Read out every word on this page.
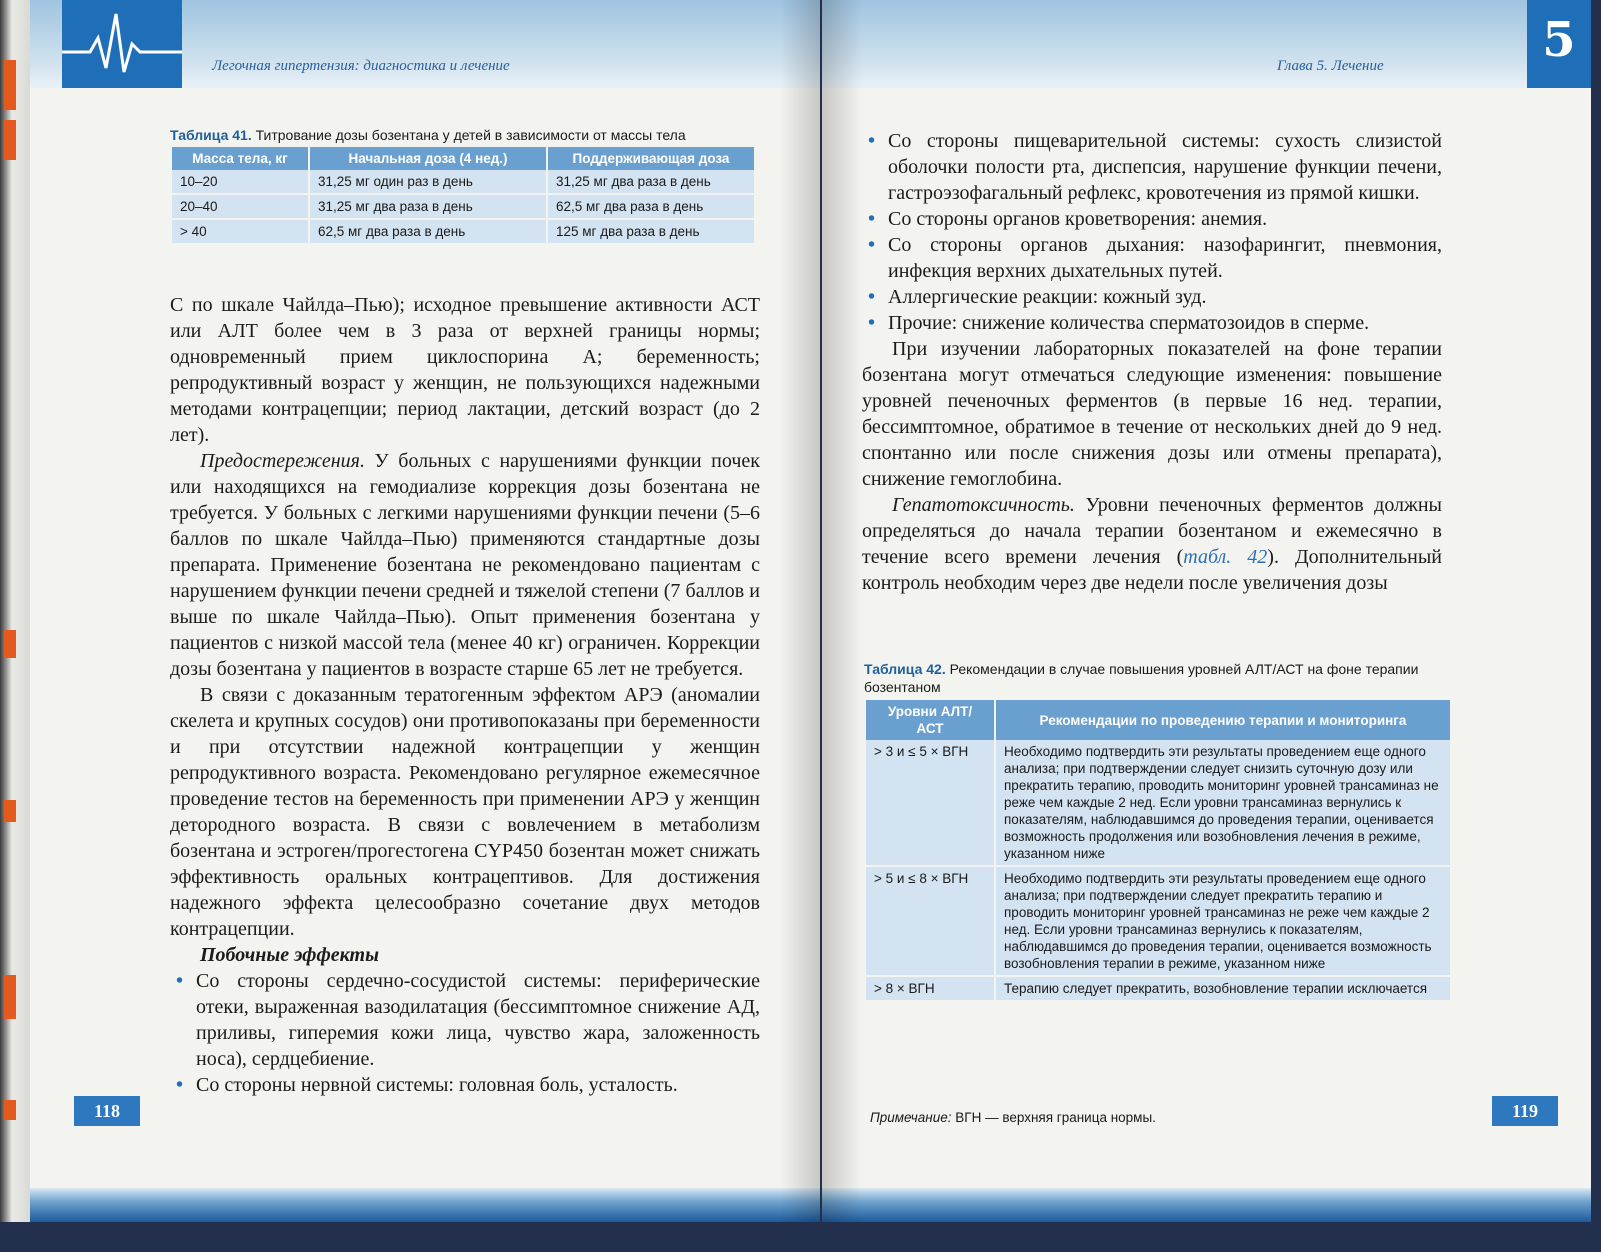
Легочная гипертензия: диагностика и лечение
Таблица 41. Титрование дозы бозентана у детей в зависимости от массы тела
Масса тела, кг	Начальная доза (4 нед.)	Поддерживающая доза
10–20	31,25 мг один раз в день	31,25 мг два раза в день
20–40	31,25 мг два раза в день	62,5 мг два раза в день
> 40	62,5 мг два раза в день	125 мг два раза в день

С по шкале Чайлда–Пью); исходное превышение активности АСТ или АЛТ более чем в 3 раза от верхней границы нормы; одновременный прием циклоспорина А; беременность; репродуктивный возраст у женщин, не пользующихся надежными методами контрацепции; период лактации, детский возраст (до 2 лет).

Предостережения. У больных с нарушениями функции почек или находящихся на гемодиализе коррекция дозы бозентана не требуется. У больных с легкими нарушениями функции печени (5–6 баллов по шкале Чайлда–Пью) применяются стандартные дозы препарата. Применение бозентана не рекомендовано пациентам с нарушением функции печени средней и тяжелой степени (7 баллов и выше по шкале Чайлда–Пью). Опыт применения бозентана у пациентов с низкой массой тела (менее 40 кг) ограничен. Коррекции дозы бозентана у пациентов в возрасте старше 65 лет не требуется.

В связи с доказанным тератогенным эффектом АРЭ (аномалии скелета и крупных сосудов) они противопоказаны при беременности и при отсутствии надежной контрацепции у женщин репродуктивного возраста. Рекомендовано регулярное ежемесячное проведение тестов на беременность при применении АРЭ у женщин детородного возраста. В связи с вовлечением в метаболизм бозентана и эстроген/прогестогена CYP450 бозентан может снижать эффективность оральных контрацептивов. Для достижения надежного эффекта целесообразно сочетание двух методов контрацепции.

Побочные эффекты

• Со стороны сердечно-сосудистой системы: периферические отеки, выраженная вазодилатация (бессимптомное снижение АД, приливы, гиперемия кожи лица, чувство жара, заложенность носа), сердцебиение.
• Со стороны нервной системы: головная боль, усталость.
118
Глава 5. Лечение	5
• Со стороны пищеварительной системы: сухость слизистой оболочки полости рта, диспепсия, нарушение функции печени, гастроэзофагальный рефлекс, кровотечения из прямой кишки.
• Со стороны органов кроветворения: анемия.
• Со стороны органов дыхания: назофарингит, пневмония, инфекция верхних дыхательных путей.
• Аллергические реакции: кожный зуд.
• Прочие: снижение количества сперматозоидов в сперме.

При изучении лабораторных показателей на фоне терапии бозентана могут отмечаться следующие изменения: повышение уровней печеночных ферментов (в первые 16 нед. терапии, бессимптомное, обратимое в течение от нескольких дней до 9 нед. спонтанно или после снижения дозы или отмены препарата), снижение гемоглобина.

Гепатотоксичность. Уровни печеночных ферментов должны определяться до начала терапии бозентаном и ежемесячно в течение всего времени лечения (табл. 42). Дополнительный контроль необходим через две недели после увеличения дозы

Таблица 42. Рекомендации в случае повышения уровней АЛТ/АСТ на фоне терапии бозентаном
Уровни АЛТ/ АСТ	Рекомендации по проведению терапии и мониторинга
> 3 и ≤ 5 × ВГН	Необходимо подтвердить эти результаты проведением еще одного анализа; при подтверждении следует снизить суточную дозу или прекратить терапию, проводить мониторинг уровней трансаминаз не реже чем каждые 2 нед. Если уровни трансаминаз вернулись к показателям, наблюдавшимся до проведения терапии, оценивается возможность продолжения или возобновления лечения в режиме, указанном ниже
> 5 и ≤ 8 × ВГН	Необходимо подтвердить эти результаты проведением еще одного анализа; при подтверждении следует прекратить терапию и проводить мониторинг уровней трансаминаз не реже чем каждые 2 нед. Если уровни трансаминаз вернулись к показателям, наблюдавшимся до проведения терапии, оценивается возможность возобновления терапии в режиме, указанном ниже
> 8 × ВГН	Терапию следует прекратить, возобновление терапии исключается
Примечание: ВГН — верхняя граница нормы.	119
